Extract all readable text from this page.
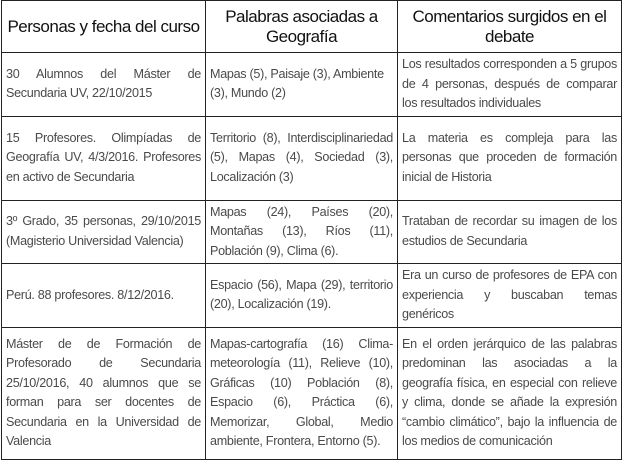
Personas y fecha del curso	Palabras asociadas a Geografía	Comentarios surgidos en el debate
30 Alumnos del Máster de Secundaria UV, 22/10/2015	Mapas (5), Paisaje (3), Ambiente (3), Mundo (2)	Los resultados corresponden a 5 grupos de 4 personas, después de comparar los resultados individuales
15 Profesores. Olimpíadas de Geografía UV, 4/3/2016. Profesores en activo de Secundaria	Territorio (8), Interdisciplinariedad (5), Mapas (4), Sociedad (3), Localización (3)	La materia es compleja para las personas que proceden de formación inicial de Historia
3º Grado, 35 personas, 29/10/2015 (Magisterio Universidad Valencia)	Mapas (24), Países (20), Montañas (13), Ríos (11), Población (9), Clima (6).	Trataban de recordar su imagen de los estudios de Secundaria
Perú. 88 profesores. 8/12/2016.	Espacio (56), Mapa (29), territorio (20), Localización (19).	Era un curso de profesores de EPA con experiencia y buscaban temas genéricos
Máster de de Formación de Profesorado de Secundaria 25/10/2016, 40 alumnos que se forman para ser docentes de Secundaria en la Universidad de Valencia	Mapas-cartografía (16) Clima-meteorología (11), Relieve (10), Gráficas (10) Población (8), Espacio (6), Práctica (6), Memorizar, Global, Medio ambiente, Frontera, Entorno (5).	En el orden jerárquico de las palabras predominan las asociadas a la geografía física, en especial con relieve y clima, donde se añade la expresión “cambio climático”, bajo la influencia de los medios de comunicación
